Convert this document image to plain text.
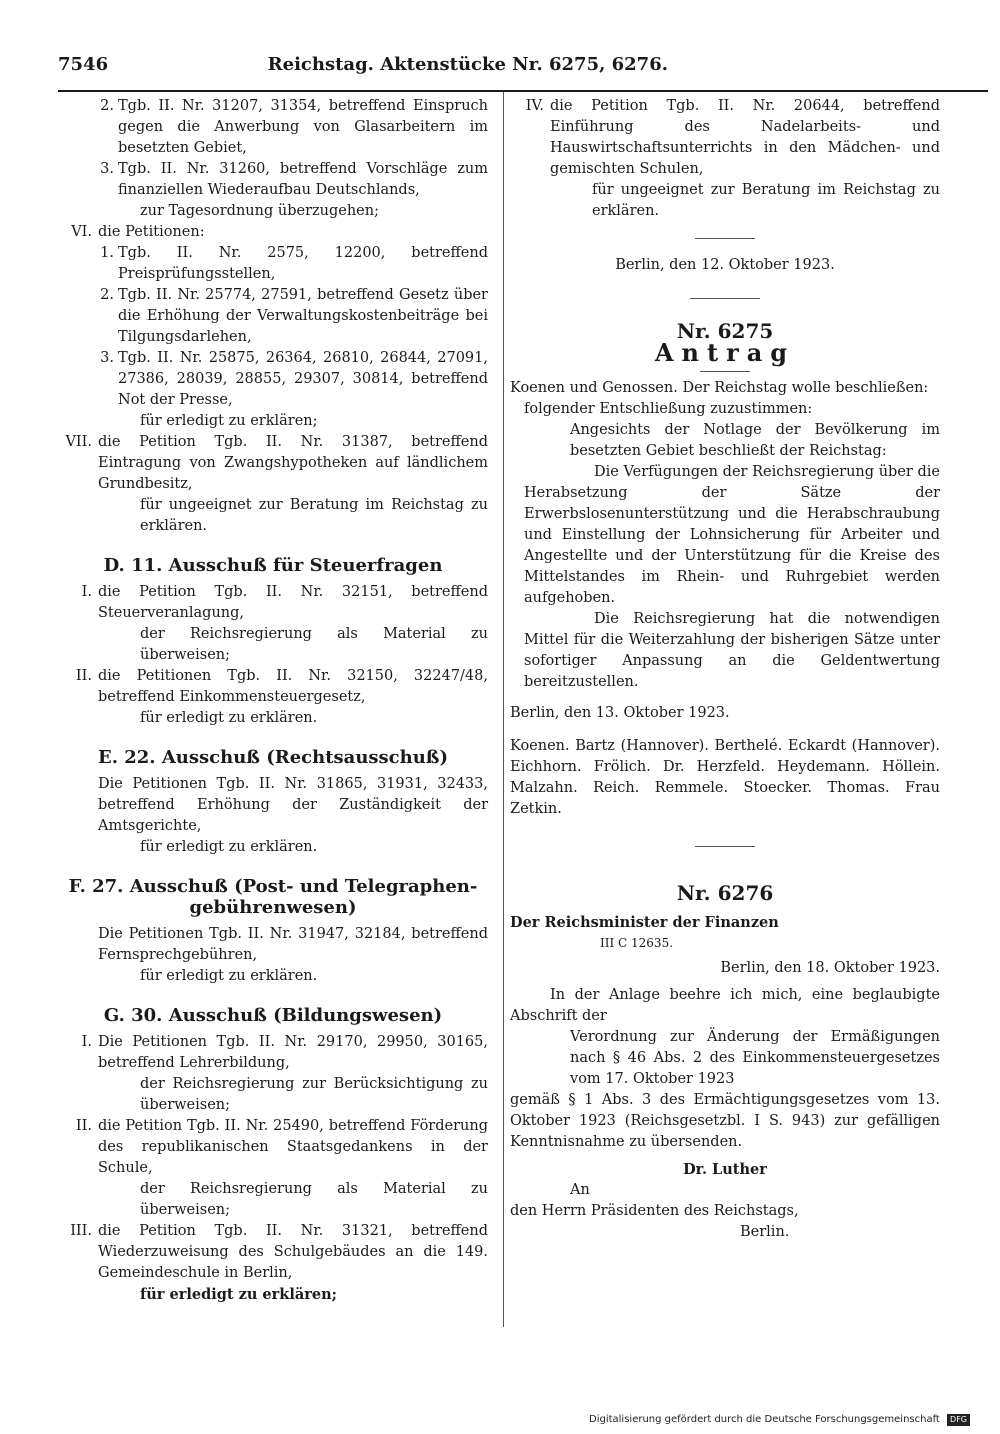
7546	Reichstag. Aktenstücke Nr. 6275, 6276.
2. Tgb. II. Nr. 31207, 31354, betreffend Einspruch gegen die Anwerbung von Glasarbeitern im besetzten Gebiet,
3. Tgb. II. Nr. 31260, betreffend Vorschläge zum finanziellen Wiederaufbau Deutschlands,
zur Tagesordnung überzugehen;
VI. die Petitionen:
1. Tgb. II. Nr. 2575, 12200, betreffend Preisprüfungsstellen,
2. Tgb. II. Nr. 25774, 27591, betreffend Gesetz über die Erhöhung der Verwaltungskostenbeiträge bei Tilgungsdarlehen,
3. Tgb. II. Nr. 25875, 26364, 26810, 26844, 27091, 27386, 28039, 28855, 29307, 30814, betreffend Not der Presse,
für erledigt zu erklären;
VII. die Petition Tgb. II. Nr. 31387, betreffend Eintragung von Zwangshypotheken auf ländlichem Grundbesitz,
für ungeeignet zur Beratung im Reichstag zu erklären.
D. 11. Ausschuß für Steuerfragen
I. die Petition Tgb. II. Nr. 32151, betreffend Steuerveranlagung,
der Reichsregierung als Material zu überweisen;
II. die Petitionen Tgb. II. Nr. 32150, 32247/48, betreffend Einkommensteuergesetz,
für erledigt zu erklären.
E. 22. Ausschuß (Rechtsausschuß)
Die Petitionen Tgb. II. Nr. 31865, 31931, 32433, betreffend Erhöhung der Zuständigkeit der Amtsgerichte,
für erledigt zu erklären.
F. 27. Ausschuß (Post- und Telegraphen-
gebührenwesen)
Die Petitionen Tgb. II. Nr. 31947, 32184, betreffend Fernsprechgebühren,
für erledigt zu erklären.
G. 30. Ausschuß (Bildungswesen)
I. Die Petitionen Tgb. II. Nr. 29170, 29950, 30165, betreffend Lehrerbildung,
der Reichsregierung zur Berücksichtigung zu überweisen;
II. die Petition Tgb. II. Nr. 25490, betreffend Förderung des republikanischen Staatsgedankens in der Schule,
der Reichsregierung als Material zu überweisen;
III. die Petition Tgb. II. Nr. 31321, betreffend Wiederzuweisung des Schulgebäudes an die 149. Gemeindeschule in Berlin,
für erledigt zu erklären;
IV. die Petition Tgb. II. Nr. 20644, betreffend Einführung des Nadelarbeits- und Hauswirtschaftsunterrichts in den Mädchen- und gemischten Schulen,
für ungeeignet zur Beratung im Reichstag zu erklären.
Berlin, den 12. Oktober 1923.
Nr. 6275
Antrag
Koenen und Genossen. Der Reichstag wolle beschließen:
folgender Entschließung zuzustimmen:
Angesichts der Notlage der Bevölkerung im besetzten Gebiet beschließt der Reichstag:
Die Verfügungen der Reichsregierung über die Herabsetzung der Sätze der Erwerbslosenunterstützung und die Herabschraubung und Einstellung der Lohnsicherung für Arbeiter und Angestellte und der Unterstützung für die Kreise des Mittelstandes im Rhein- und Ruhrgebiet werden aufgehoben.
Die Reichsregierung hat die notwendigen Mittel für die Weiterzahlung der bisherigen Sätze unter sofortiger Anpassung an die Geldentwertung bereitzustellen.
Berlin, den 13. Oktober 1923.
Koenen. Bartz (Hannover). Berthelé. Eckardt (Hannover). Eichhorn. Frölich. Dr. Herzfeld. Heydemann. Höllein. Malzahn. Reich. Remmele. Stoecker. Thomas. Frau Zetkin.
Nr. 6276
Der Reichsminister der Finanzen
III C 12635.
Berlin, den 18. Oktober 1923.
In der Anlage beehre ich mich, eine beglaubigte Abschrift der
Verordnung zur Änderung der Ermäßigungen nach § 46 Abs. 2 des Einkommensteuergesetzes vom 17. Oktober 1923
gemäß § 1 Abs. 3 des Ermächtigungsgesetzes vom 13. Oktober 1923 (Reichsgesetzbl. I S. 943) zur gefälligen Kenntnisnahme zu übersenden.
Dr. Luther
An
den Herrn Präsidenten des Reichstags,
Berlin.
Digitalisierung gefördert durch die Deutsche Forschungsgemeinschaft DFG
